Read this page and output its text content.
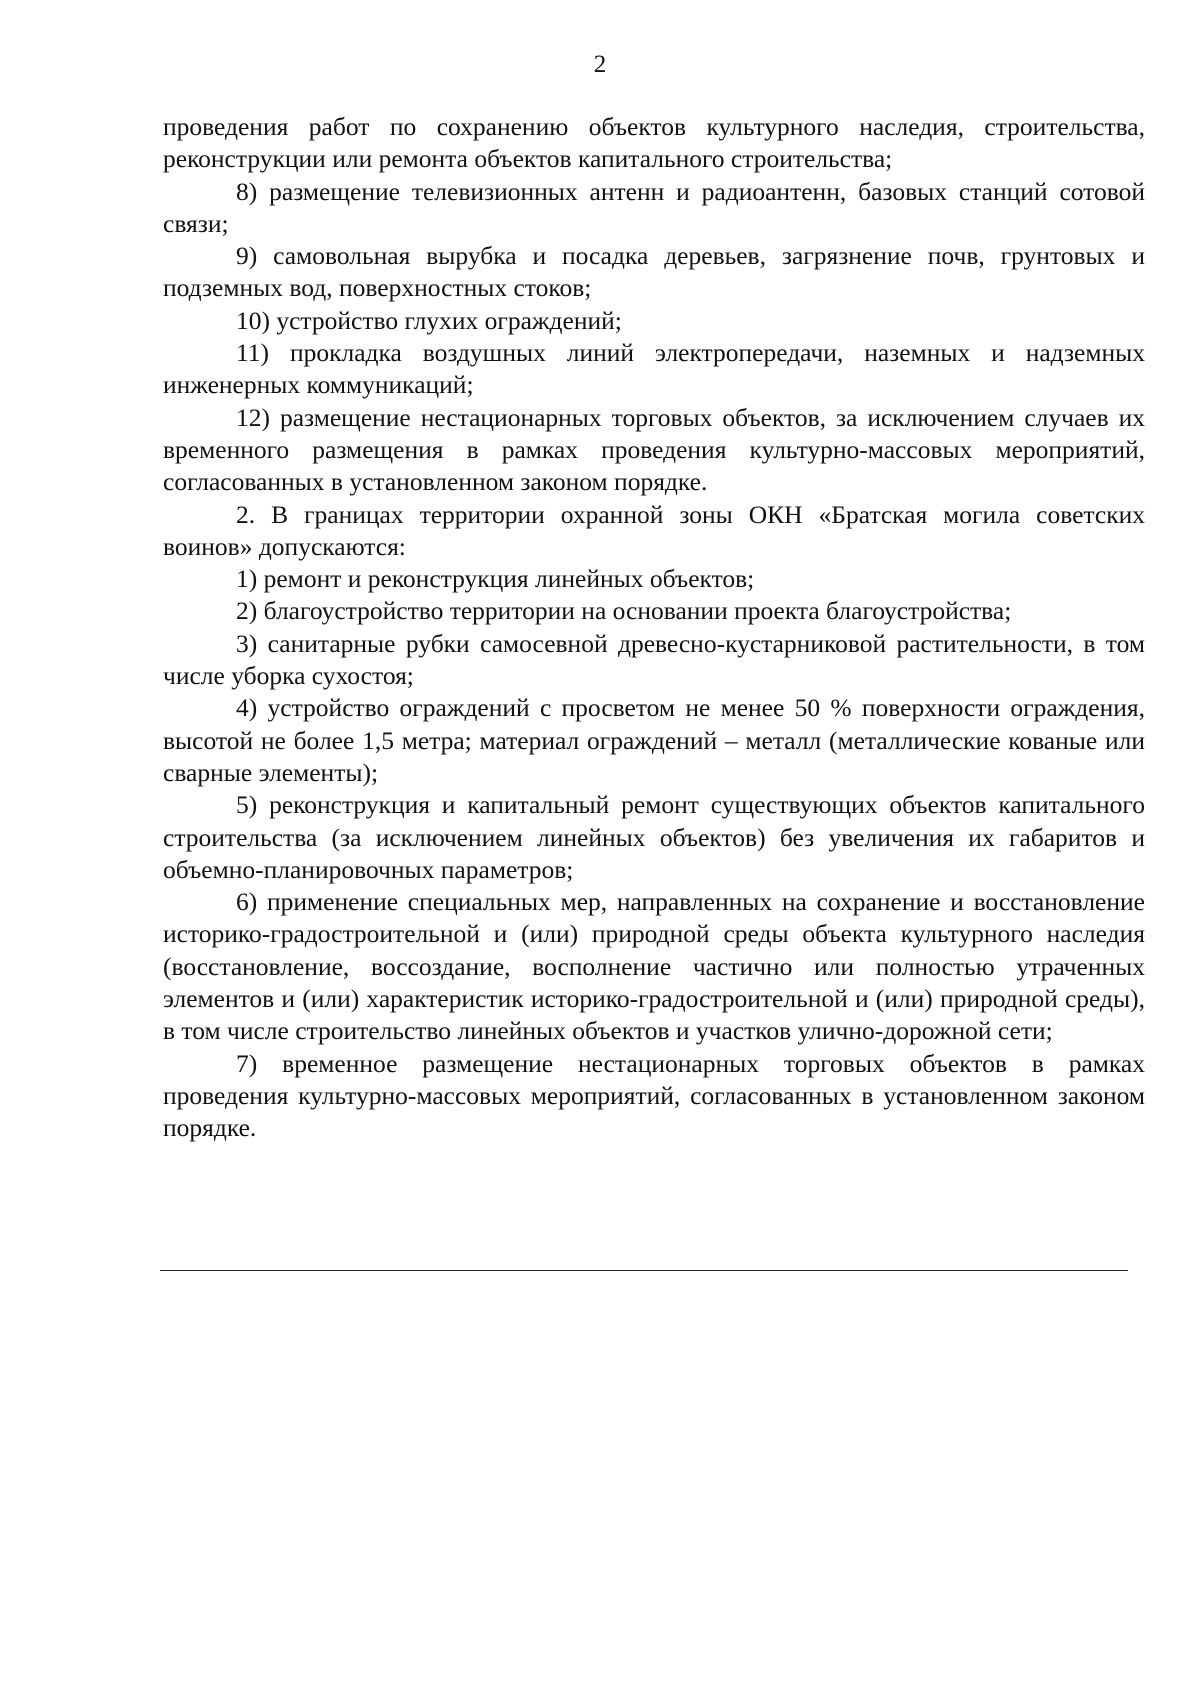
2

проведения работ по сохранению объектов культурного наследия, строительства, реконструкции или ремонта объектов капитального строительства;

8) размещение телевизионных антенн и радиоантенн, базовых станций сотовой связи;

9) самовольная вырубка и посадка деревьев, загрязнение почв, грунтовых и подземных вод, поверхностных стоков;

10) устройство глухих ограждений;

11) прокладка воздушных линий электропередачи, наземных и надземных инженерных коммуникаций;

12) размещение нестационарных торговых объектов, за исключением случаев их временного размещения в рамках проведения культурно-массовых мероприятий, согласованных в установленном законом порядке.

2. В границах территории охранной зоны ОКН «Братская могила советских воинов» допускаются:

1) ремонт и реконструкция линейных объектов;

2) благоустройство территории на основании проекта благоустройства;

3) санитарные рубки самосевной древесно-кустарниковой растительности, в том числе уборка сухостоя;

4) устройство ограждений с просветом не менее 50 % поверхности ограждения, высотой не более 1,5 метра; материал ограждений – металл (металлические кованые или сварные элементы);

5) реконструкция и капитальный ремонт существующих объектов капитального строительства (за исключением линейных объектов) без увеличения их габаритов и объемно-планировочных параметров;

6) применение специальных мер, направленных на сохранение и восстановление историко-градостроительной и (или) природной среды объекта культурного наследия (восстановление, воссоздание, восполнение частично или полностью утраченных элементов и (или) характеристик историко-градостроительной и (или) природной среды), в том числе строительство линейных объектов и участков улично-дорожной сети;

7) временное размещение нестационарных торговых объектов в рамках проведения культурно-массовых мероприятий, согласованных в установленном законом порядке.
